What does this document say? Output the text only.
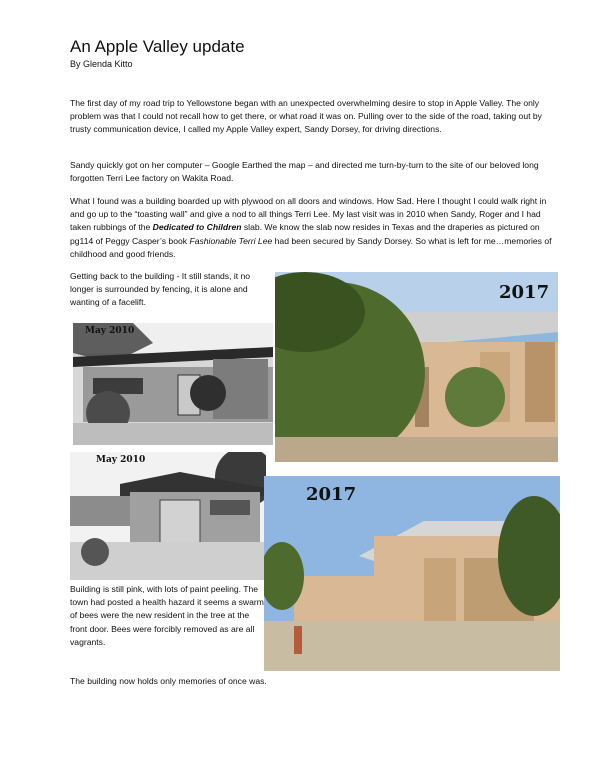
An Apple Valley update
By Glenda Kitto

The first day of my road trip to Yellowstone began with an unexpected overwhelming desire to stop in Apple Valley. The only problem was that I could not recall how to get there, or what road it was on. Pulling over to the side of the road, taking out by trusty communication device, I called my Apple Valley expert, Sandy Dorsey, for driving directions.

Sandy quickly got on her computer – Google Earthed the map – and directed me turn-by-turn to the site of our beloved long forgotten Terri Lee factory on Wakita Road.

What I found was a building boarded up with plywood on all doors and windows. How Sad. Here I thought I could walk right in and go up to the “toasting wall” and give a nod to all things Terri Lee. My last visit was in 2010 when Sandy, Roger and I had taken rubbings of the Dedicated to Children slab. We know the slab now resides in Texas and the draperies as pictured on pg114 of Peggy Casper’s book Fashionable Terri Lee had been secured by Sandy Dorsey. So what is left for me…memories of childhood and good friends.

Getting back to the building - It still stands, it no longer is surrounded by fencing, it is alone and wanting of a facelift.

May 2010
2017
May 2010
2017

Building is still pink, with lots of paint peeling. The town had posted a health hazard it seems a swarm of bees were the new resident in the tree at the front door. Bees were forcibly removed as are all vagrants.

The building now holds only memories of once was.
